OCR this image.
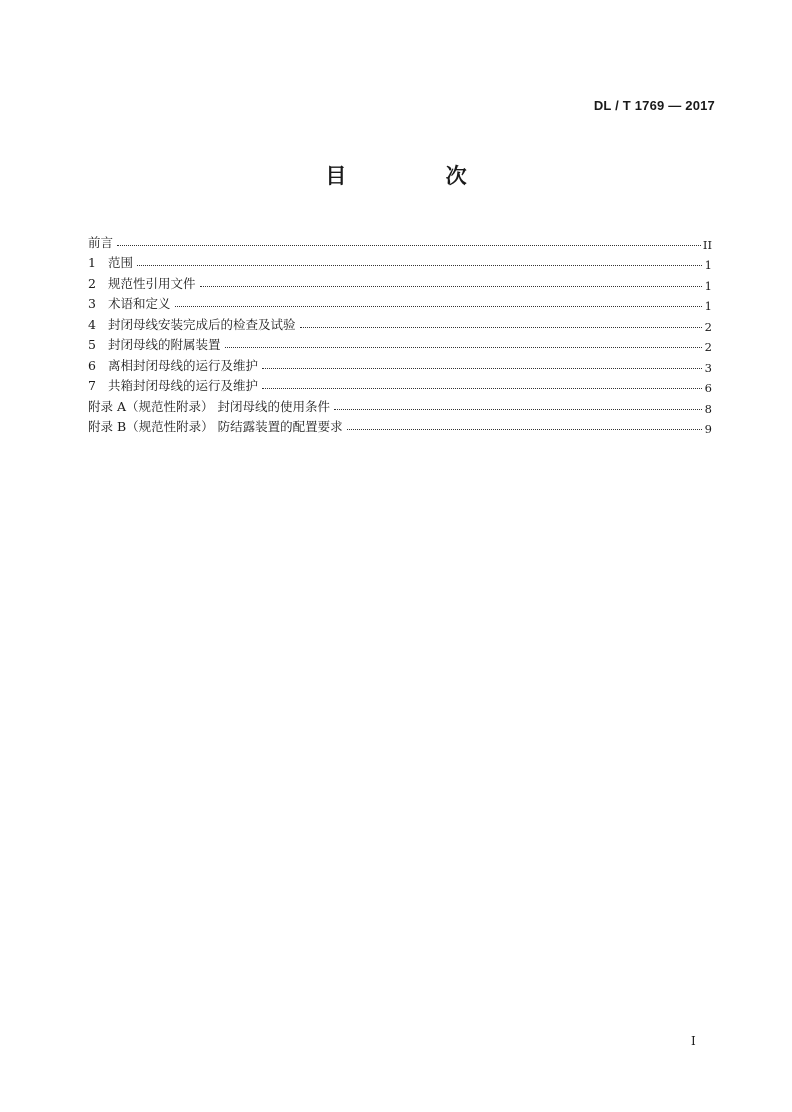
DL / T 1769 — 2017
目 次
前言	II
1 范围	1
2 规范性引用文件	1
3 术语和定义	1
4 封闭母线安装完成后的检查及试验	2
5 封闭母线的附属装置	2
6 离相封闭母线的运行及维护	3
7 共箱封闭母线的运行及维护	6
附录 A（规范性附录） 封闭母线的使用条件	8
附录 B（规范性附录） 防结露装置的配置要求	9
I
